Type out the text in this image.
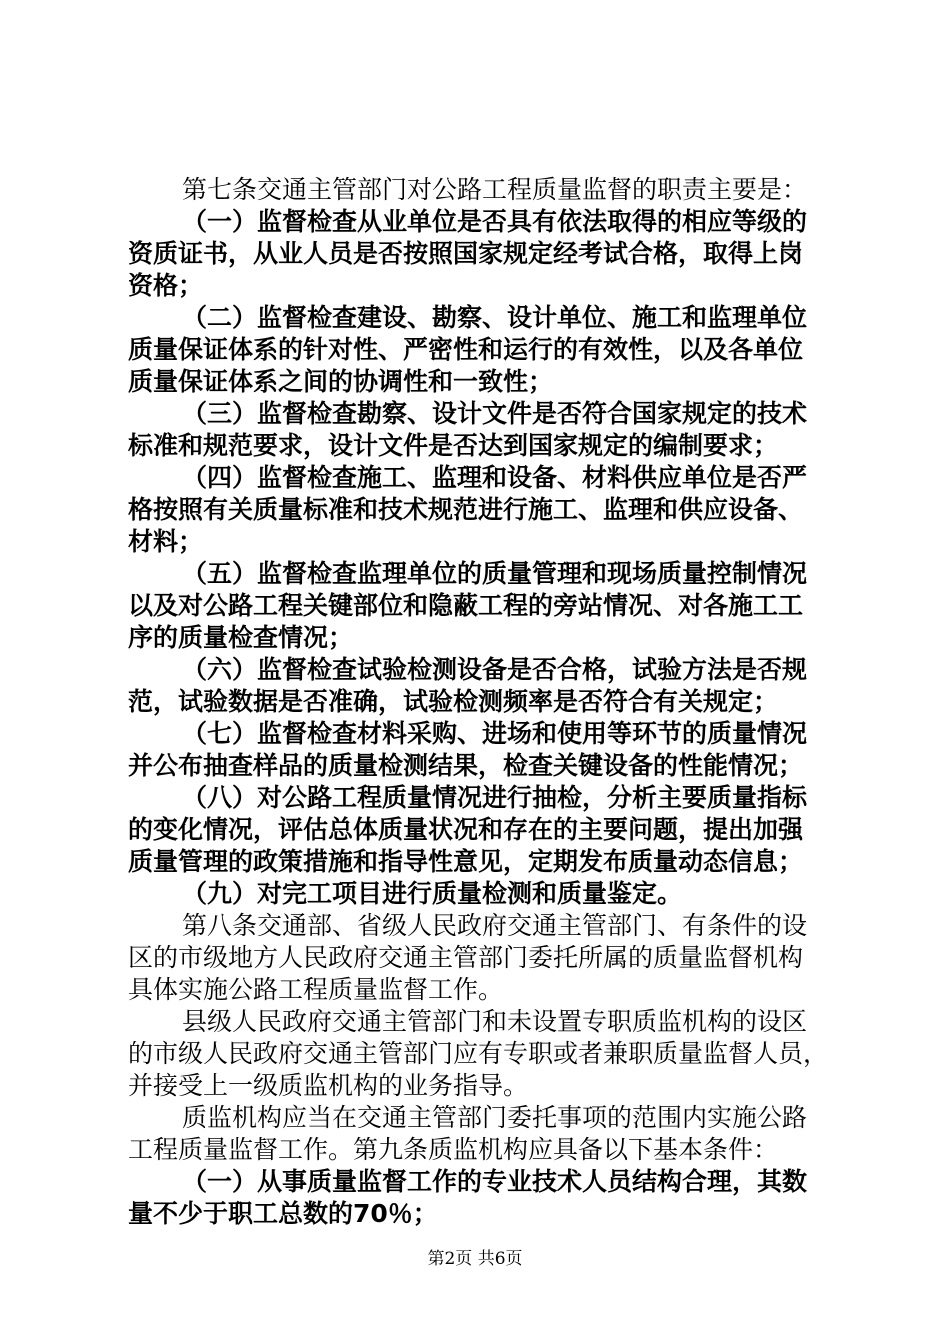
第七条交通主管部门对公路工程质量监督的职责主要是：
（一）监督检查从业单位是否具有依法取得的相应等级的
资质证书，从业人员是否按照国家规定经考试合格，取得上岗
资格；
（二）监督检查建设、勘察、设计单位、施工和监理单位
质量保证体系的针对性、严密性和运行的有效性，以及各单位
质量保证体系之间的协调性和一致性；
（三）监督检查勘察、设计文件是否符合国家规定的技术
标准和规范要求，设计文件是否达到国家规定的编制要求；
（四）监督检查施工、监理和设备、材料供应单位是否严
格按照有关质量标准和技术规范进行施工、监理和供应设备、
材料；
（五）监督检查监理单位的质量管理和现场质量控制情况
以及对公路工程关键部位和隐蔽工程的旁站情况、对各施工工
序的质量检查情况；
（六）监督检查试验检测设备是否合格，试验方法是否规
范，试验数据是否准确，试验检测频率是否符合有关规定；
（七）监督检查材料采购、进场和使用等环节的质量情况
并公布抽查样品的质量检测结果，检查关键设备的性能情况；
（八）对公路工程质量情况进行抽检，分析主要质量指标
的变化情况，评估总体质量状况和存在的主要问题，提出加强
质量管理的政策措施和指导性意见，定期发布质量动态信息；
（九）对完工项目进行质量检测和质量鉴定。
第八条交通部、省级人民政府交通主管部门、有条件的设
区的市级地方人民政府交通主管部门委托所属的质量监督机构
具体实施公路工程质量监督工作。
县级人民政府交通主管部门和未设置专职质监机构的设区
的市级人民政府交通主管部门应有专职或者兼职质量监督人员，
并接受上一级质监机构的业务指导。
质监机构应当在交通主管部门委托事项的范围内实施公路
工程质量监督工作。第九条质监机构应具备以下基本条件：
（一）从事质量监督工作的专业技术人员结构合理，其数
量不少于职工总数的70％；
第2页 共6页
